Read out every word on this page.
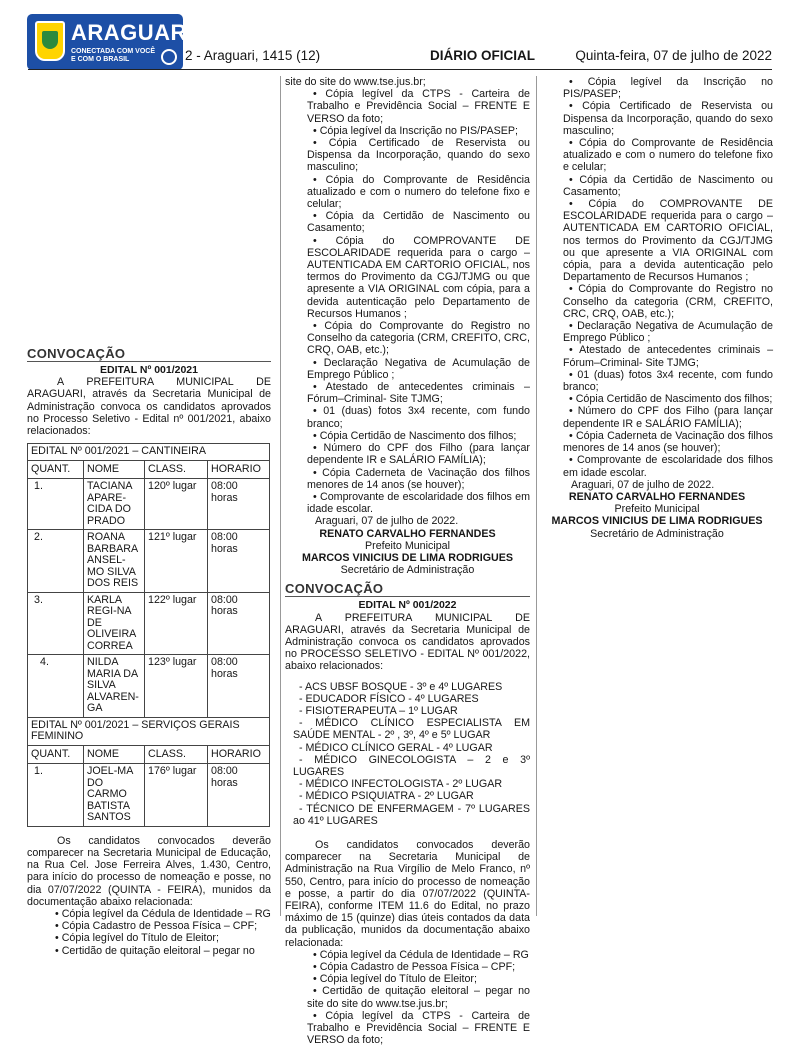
ARAGUARI
CONECTADA COM VOCÊ
E COM O BRASIL	2 - Araguari, 1415 (12)	DIÁRIO OFICIAL	Quinta-feira, 07 de julho de 2022
CONVOCAÇÃO

EDITAL Nº 001/2021

A PREFEITURA MUNICIPAL DE ARAGUARI, através da Secretaria Municipal de Administração convoca os candidatos aprovados no Processo Seletivo - Edital nº 001/2021, abaixo relacionados:

EDITAL Nº 001/2021 – CANTINEIRA			
QUANT.	NOME	CLASS.	HORARIO
1.	TACIANA APARE-CIDA DO PRADO	120º lugar	08:00 horas
2.	ROANA BARBARA ANSEL-MO SILVA DOS REIS	121º lugar	08:00 horas
3.	KARLA REGI-NA DE OLIVEIRA CORREA	122º lugar	08:00 horas
4.	NILDA MARIA DA SILVA ALVAREN-GA	123º lugar	08:00 horas
EDITAL Nº 001/2021 – SERVIÇOS GERAIS FEMININO			
QUANT.	NOME	CLASS.	HORARIO
1.	JOEL-MA DO CARMO BATISTA SANTOS	176º lugar	08:00 horas

Os candidatos convocados deverão comparecer na Secretaria Municipal de Educação, na Rua Cel. Jose Ferreira Alves, 1.430, Centro, para início do processo de nomeação e posse, no dia 07/07/2022 (QUINTA - FEIRA), munidos da documentação abaixo relacionada:

• Cópia legível da Cédula de Identidade – RG

• Cópia Cadastro de Pessoa Física – CPF;

• Cópia legível do Título de Eleitor;

• Certidão de quitação eleitoral – pegar no

site do site do www.tse.jus.br;

• Cópia legível da CTPS - Carteira de Trabalho e Previdência Social – FRENTE E VERSO da foto;

• Cópia legível da Inscrição no PIS/PASEP;

• Cópia Certificado de Reservista ou Dispensa da Incorporação, quando do sexo masculino;

• Cópia do Comprovante de Residência atualizado e com o numero do telefone fixo e celular;

• Cópia da Certidão de Nascimento ou Casamento;

• Cópia do COMPROVANTE DE ESCOLARIDADE requerida para o cargo – AUTENTICADA EM CARTORIO OFICIAL, nos termos do Provimento da CGJ/TJMG ou que apresente a VIA ORIGINAL com cópia, para a devida autenticação pelo Departamento de Recursos Humanos ;

• Cópia do Comprovante do Registro no Conselho da categoria (CRM, CREFITO, CRC, CRQ, OAB, etc.);

• Declaração Negativa de Acumulação de Emprego Público ;

• Atestado de antecedentes criminais – Fórum–Criminal- Site TJMG;

• 01 (duas) fotos 3x4 recente, com fundo branco;

• Cópia Certidão de Nascimento dos filhos;

• Número do CPF dos Filho (para lançar dependente IR e SALÁRIO FAMÍLIA);

• Cópia Caderneta de Vacinação dos filhos menores de 14 anos (se houver);

• Comprovante de escolaridade dos filhos em idade escolar.

Araguari, 07 de julho de 2022.

RENATO CARVALHO FERNANDES

Prefeito Municipal

MARCOS VINICIUS DE LIMA RODRIGUES

Secretário de Administração

CONVOCAÇÃO

EDITAL Nº 001/2022

A PREFEITURA MUNICIPAL DE ARAGUARI, através da Secretaria Municipal de Administração convoca os candidatos aprovados no PROCESSO SELETIVO - EDITAL Nº 001/2022, abaixo relacionados:

- ACS UBSF BOSQUE - 3º e 4º LUGARES

- EDUCADOR FÍSICO - 4º LUGARES

- FISIOTERAPEUTA – 1º LUGAR

- MÉDICO CLÍNICO ESPECIALISTA EM SAÚDE MENTAL - 2º , 3º, 4º e 5º LUGAR

- MÉDICO CLÍNICO GERAL - 4º LUGAR

- MÉDICO GINECOLOGISTA – 2 e 3º LUGARES

- MÉDICO INFECTOLOGISTA - 2º LUGAR

- MÉDICO PSIQUIATRA - 2º LUGAR

- TÉCNICO DE ENFERMAGEM - 7º LUGARES ao 41º LUGARES

Os candidatos convocados deverão comparecer na Secretaria Municipal de Administração na Rua Virgílio de Melo Franco, nº 550, Centro, para início do processo de nomeação e posse, a partir do dia 07/07/2022 (QUINTA-FEIRA), conforme ITEM 11.6 do Edital, no prazo máximo de 15 (quinze) dias úteis contados da data da publicação, munidos da documentação abaixo relacionada:

• Cópia legível da Cédula de Identidade – RG

• Cópia Cadastro de Pessoa Física – CPF;

• Cópia legível do Título de Eleitor;

• Certidão de quitação eleitoral – pegar no site do site do www.tse.jus.br;

• Cópia legível da CTPS - Carteira de Trabalho e Previdência Social – FRENTE E VERSO da foto;

• Cópia legível da Inscrição no PIS/PASEP;

• Cópia Certificado de Reservista ou Dispensa da Incorporação, quando do sexo masculino;

• Cópia do Comprovante de Residência atualizado e com o numero do telefone fixo e celular;

• Cópia da Certidão de Nascimento ou Casamento;

• Cópia do COMPROVANTE DE ESCOLARIDADE requerida para o cargo – AUTENTICADA EM CARTORIO OFICIAL, nos termos do Provimento da CGJ/TJMG ou que apresente a VIA ORIGINAL com cópia, para a devida autenticação pelo Departamento de Recursos Humanos ;

• Cópia do Comprovante do Registro no Conselho da categoria (CRM, CREFITO, CRC, CRQ, OAB, etc.);

• Declaração Negativa de Acumulação de Emprego Público ;

• Atestado de antecedentes criminais – Fórum–Criminal- Site TJMG;

• 01 (duas) fotos 3x4 recente, com fundo branco;

• Cópia Certidão de Nascimento dos filhos;

• Número do CPF dos Filho (para lançar dependente IR e SALÁRIO FAMÍLIA);

• Cópia Caderneta de Vacinação dos filhos menores de 14 anos (se houver);

• Comprovante de escolaridade dos filhos em idade escolar.

Araguari, 07 de julho de 2022.

RENATO CARVALHO FERNANDES

Prefeito Municipal

MARCOS VINICIUS DE LIMA RODRIGUES

Secretário de Administração
